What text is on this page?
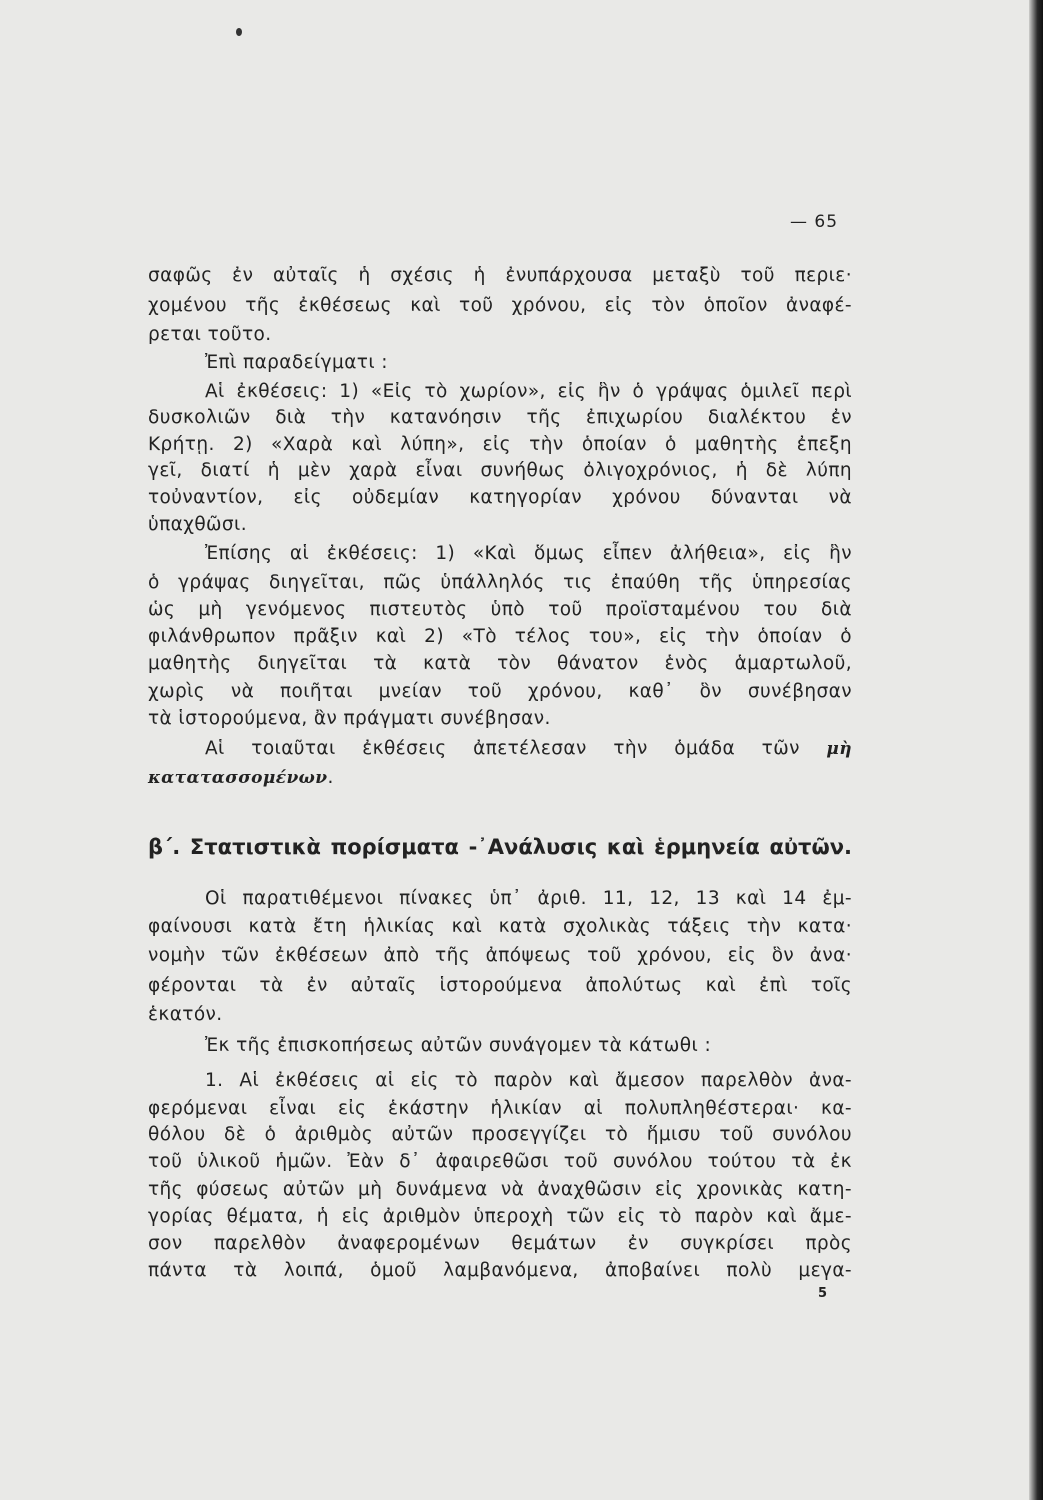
— 65
σαφῶς ἐν αὐταῖς ἡ σχέσις ἡ ἐνυπάρχουσα μεταξὺ τοῦ περιε·
χομένου τῆς ἐκθέσεως καὶ τοῦ χρόνου, εἰς τὸν ὁποῖον ἀναφέ-
ρεται τοῦτο.
Ἐπὶ παραδείγματι :
Αἱ ἐκθέσεις: 1) «Εἰς τὸ χωρίον», εἰς ἣν ὁ γράψας ὁμιλεῖ περὶ
δυσκολιῶν διὰ τὴν κατανόησιν τῆς ἐπιχωρίου διαλέκτου ἐν
Κρήτῃ. 2) «Χαρὰ καὶ λύπη», εἰς τὴν ὁποίαν ὁ μαθητὴς ἐπεξη
γεῖ, διατί ἡ μὲν χαρὰ εἶναι συνήθως ὀλιγοχρόνιος, ἡ δὲ λύπη
τοὐναντίον, εἰς οὐδεμίαν κατηγορίαν χρόνου δύνανται νὰ
ὑπαχθῶσι.
Ἐπίσης αἱ ἐκθέσεις: 1) «Καὶ ὅμως εἶπεν ἀλήθεια», εἰς ἣν
ὁ γράψας διηγεῖται, πῶς ὑπάλληλός τις ἐπαύθη τῆς ὑπηρεσίας
ὡς μὴ γενόμενος πιστευτὸς ὑπὸ τοῦ προϊσταμένου του διὰ
φιλάνθρωπον πρᾶξιν καὶ 2) «Τὸ τέλος του», εἰς τὴν ὁποίαν ὁ
μαθητὴς διηγεῖται τὰ κατὰ τὸν θάνατον ἑνὸς ἁμαρτωλοῦ,
χωρὶς νὰ ποιῆται μνείαν τοῦ χρόνου, καθ᾽ ὃν συνέβησαν
τὰ ἱστορούμενα, ἂν πράγματι συνέβησαν.
Αἱ τοιαῦται ἐκθέσεις ἀπετέλεσαν τὴν ὁμάδα τῶν μὴ
κατατασσομένων.
β΄. Στατιστικὰ πορίσματα -᾽Ανάλυσις καὶ ἑρμηνεία αὐτῶν.
Οἱ παρατιθέμενοι πίνακες ὑπ᾽ ἀριθ. 11, 12, 13 καὶ 14 ἐμ-
φαίνουσι κατὰ ἔτη ἡλικίας καὶ κατὰ σχολικὰς τάξεις τὴν κατα·
νομὴν τῶν ἐκθέσεων ἀπὸ τῆς ἀπόψεως τοῦ χρόνου, εἰς ὃν ἀνα·
φέρονται τὰ ἐν αὐταῖς ἱστορούμενα ἀπολύτως καὶ ἐπὶ τοῖς
ἑκατόν.
Ἐκ τῆς ἐπισκοπήσεως αὐτῶν συνάγομεν τὰ κάτωθι :
1. Αἱ ἐκθέσεις αἱ εἰς τὸ παρὸν καὶ ἄμεσον παρελθὸν ἀνα-
φερόμεναι εἶναι εἰς ἑκάστην ἡλικίαν αἱ πολυπληθέστεραι· κα-
θόλου δὲ ὁ ἀριθμὸς αὐτῶν προσεγγίζει τὸ ἥμισυ τοῦ συνόλου
τοῦ ὑλικοῦ ἡμῶν. Ἐὰν δ᾽ ἀφαιρεθῶσι τοῦ συνόλου τούτου τὰ ἐκ
τῆς φύσεως αὐτῶν μὴ δυνάμενα νὰ ἀναχθῶσιν εἰς χρονικὰς κατη-
γορίας θέματα, ἡ εἰς ἀριθμὸν ὑπεροχὴ τῶν εἰς τὸ παρὸν καὶ ἄμε-
σον παρελθὸν ἀναφερομένων θεμάτων ἐν συγκρίσει πρὸς
πάντα τὰ λοιπά, ὁμοῦ λαμβανόμενα, ἀποβαίνει πολὺ μεγα-
5
